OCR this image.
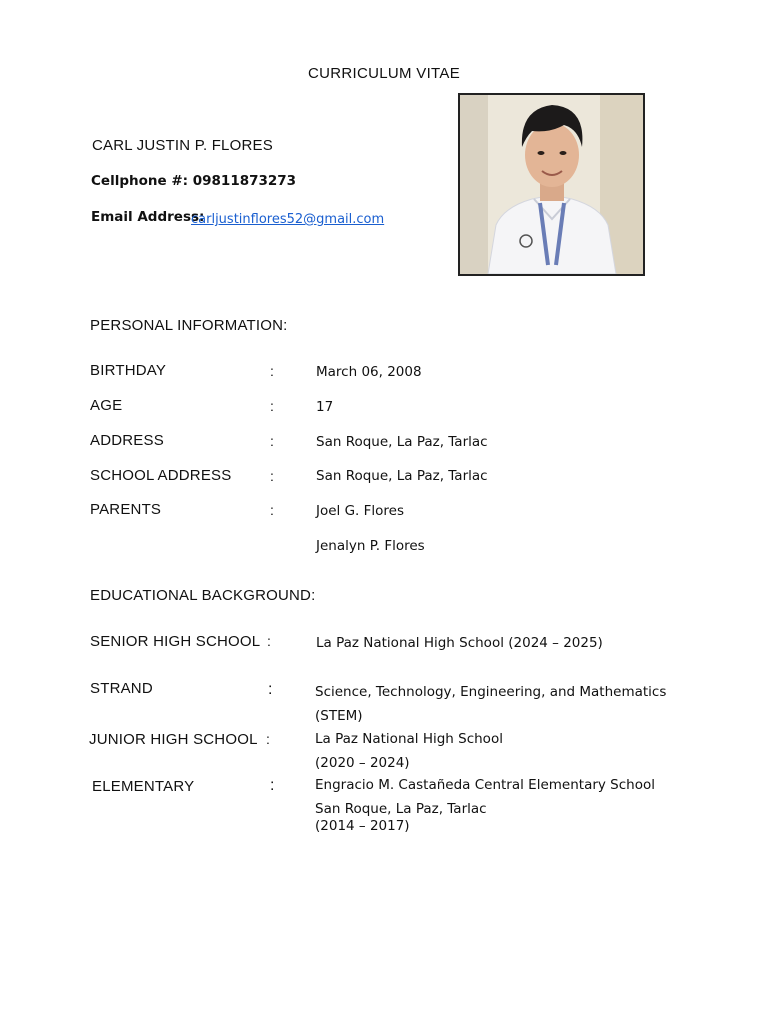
CURRICULUM VITAE
CARL JUSTIN P. FLORES
Cellphone #: 09811873273
Email Address:
carljustinflores52@gmail.com
PERSONAL INFORMATION:
BIRTHDAY	:	March 06, 2008
AGE	:	17
ADDRESS	:	San Roque, La Paz, Tarlac
SCHOOL ADDRESS	:	San Roque, La Paz, Tarlac
PARENTS	:	Joel G. Flores
Jenalyn P. Flores
EDUCATIONAL BACKGROUND:
SENIOR HIGH SCHOOL :	La Paz National High School (2024 – 2025)
STRAND	:	Science, Technology, Engineering, and Mathematics
(STEM)
JUNIOR HIGH SCHOOL :	La Paz National High School
(2020 – 2024)
ELEMENTARY	:	Engracio M. Castañeda Central Elementary School
San Roque, La Paz, Tarlac
(2014 – 2017)
